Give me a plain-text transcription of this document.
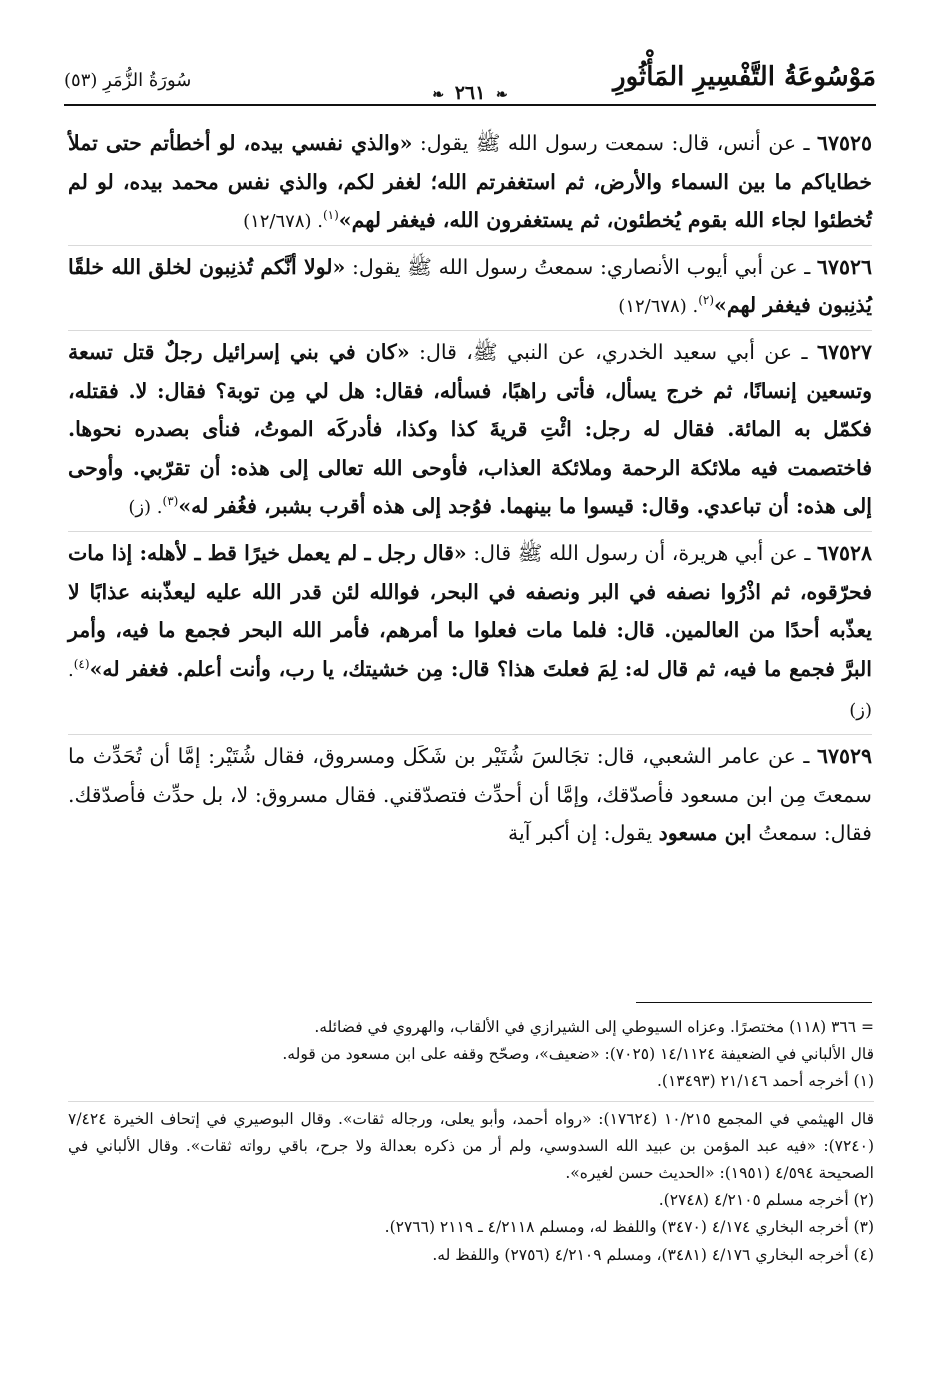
مَوْسُوعَةُ التَّفْسِيرِ المَأْثُورِ
❧ ٢٦١ ❧
سُورَةُ الزُّمَرِ (٥٣)

٦٧٥٢٥ ـ عن أنس، قال: سمعت رسول الله ﷺ يقول: «والذي نفسي بيده، لو أخطأتم حتى تملأ خطاياكم ما بين السماء والأرض، ثم استغفرتم الله؛ لغفر لكم، والذي نفس محمد بيده، لو لم تُخطئوا لجاء الله بقوم يُخطئون، ثم يستغفرون الله، فيغفر لهم»$^{(١)}$. (١٢/٦٧٨)

٦٧٥٢٦ ـ عن أبي أيوب الأنصاري: سمعتُ رسول الله ﷺ يقول: «لولا أنَّكم تُذنِبون لخلق الله خلقًا يُذنِبون فيغفر لهم»$^{(٢)}$. (١٢/٦٧٨)

٦٧٥٢٧ ـ عن أبي سعيد الخدري، عن النبي ﷺ، قال: «كان في بني إسرائيل رجلٌ قتل تسعة وتسعين إنسانًا، ثم خرج يسأل، فأتى راهبًا، فسأله، فقال: هل لي مِن توبة؟ فقال: لا. فقتله، فكمّل به المائة. فقال له رجل: ائْتِ قريةَ كذا وكذا، فأدركَه الموتُ، فنأى بصدره نحوها. فاختصمت فيه ملائكة الرحمة وملائكة العذاب، فأوحى الله تعالى إلى هذه: أن تقرّبي. وأوحى إلى هذه: أن تباعدي. وقال: قيسوا ما بينهما. فوُجد إلى هذه أقرب بشبر، فغُفر له»$^{(٣)}$. (ز)

٦٧٥٢٨ ـ عن أبي هريرة، أن رسول الله ﷺ قال: «قال رجل ـ لم يعمل خيرًا قط ـ لأهله: إذا مات فحرّقوه، ثم اذْرُوا نصفه في البر ونصفه في البحر، فوالله لئن قدر الله عليه ليعذّبنه عذابًا لا يعذّبه أحدًا من العالمين. قال: فلما مات فعلوا ما أمرهم، فأمر الله البحر فجمع ما فيه، وأمر البرَّ فجمع ما فيه، ثم قال له: لِمَ فعلتَ هذا؟ قال: مِن خشيتك، يا رب، وأنت أعلم. فغفر له»$^{(٤)}$. (ز)

٦٧٥٢٩ ـ عن عامر الشعبي، قال: تجَالسَ شُتَيْر بن شَكَل ومسروق، فقال شُتَيْر: إمَّا أن تُحَدِّث ما سمعتَ مِن ابن مسعود فأصدّقك، وإمَّا أن أحدِّث فتصدّقني. فقال مسروق: لا، بل حدِّث فأصدّقك. فقال: سمعتُ ابن مسعود يقول: إن أكبر آية

= ٣٦٦ (١١٨) مختصرًا. وعزاه السيوطي إلى الشيرازي في الألقاب، والهروي في فضائله.

قال الألباني في الضعيفة ١٤/١١٢٤ (٧٠٢٥): «ضعيف»، وصحّح وقفه على ابن مسعود من قوله.

(١) أخرجه أحمد ٢١/١٤٦ (١٣٤٩٣).

قال الهيثمي في المجمع ١٠/٢١٥ (١٧٦٢٤): «رواه أحمد، وأبو يعلى، ورجاله ثقات». وقال البوصيري في إتحاف الخيرة ٧/٤٢٤ (٧٢٤٠): «فيه عبد المؤمن بن عبيد الله السدوسي، ولم أر من ذكره بعدالة ولا جرح، باقي رواته ثقات». وقال الألباني في الصحيحة ٤/٥٩٤ (١٩٥١): «الحديث حسن لغيره».

(٢) أخرجه مسلم ٤/٢١٠٥ (٢٧٤٨).

(٣) أخرجه البخاري ٤/١٧٤ (٣٤٧٠) واللفظ له، ومسلم ٤/٢١١٨ ـ ٢١١٩ (٢٧٦٦).

(٤) أخرجه البخاري ٤/١٧٦ (٣٤٨١)، ومسلم ٤/٢١٠٩ (٢٧٥٦) واللفظ له.
